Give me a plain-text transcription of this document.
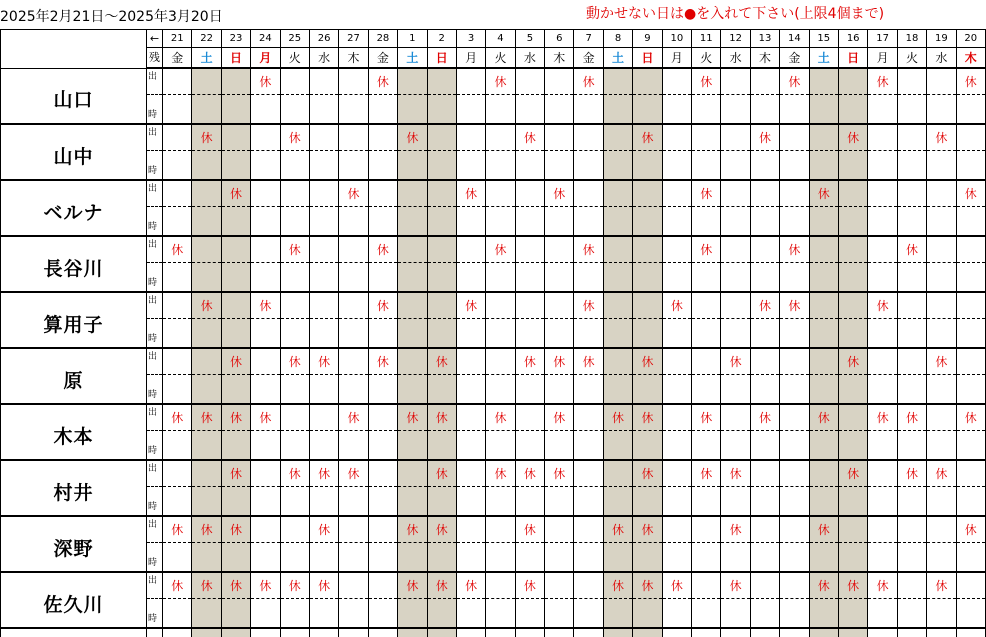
2025年2月21日～2025年3月20日	動かせない日は●を入れて下さい(上限4個まで)
	←	21	22	23	24	25	26	27	28	1	2	3	4	5	6	7	8	9	10	11	12	13	14	15	16	17	18	19	20
	残	金	土	日	月	火	水	木	金	土	日	月	火	水	木	金	土	日	月	火	水	木	金	土	日	月	火	水	木
山口	出				休				休				休			休				休			休			休			休
	時																												
山中	出		休			休				休				休				休				休			休			休	
	時																												
ベルナ	出			休				休				休			休					休				休					休
	時																												
長谷川	出	休				休			休				休			休				休			休				休		
	時																												
算用子	出		休		休				休			休				休			休			休	休			休			
	時																												
原	出			休		休	休		休		休			休	休	休		休			休				休			休	
	時																												
木本	出	休	休	休	休			休		休	休		休		休		休	休		休		休		休		休	休		休
	時																												
村井	出			休		休	休	休			休		休	休	休			休		休	休				休		休	休	
	時																												
深野	出	休	休	休			休			休	休			休			休	休			休			休					休
	時																												
佐久川	出	休	休	休	休	休	休			休	休	休		休			休	休	休		休			休	休	休		休	
	時																												
